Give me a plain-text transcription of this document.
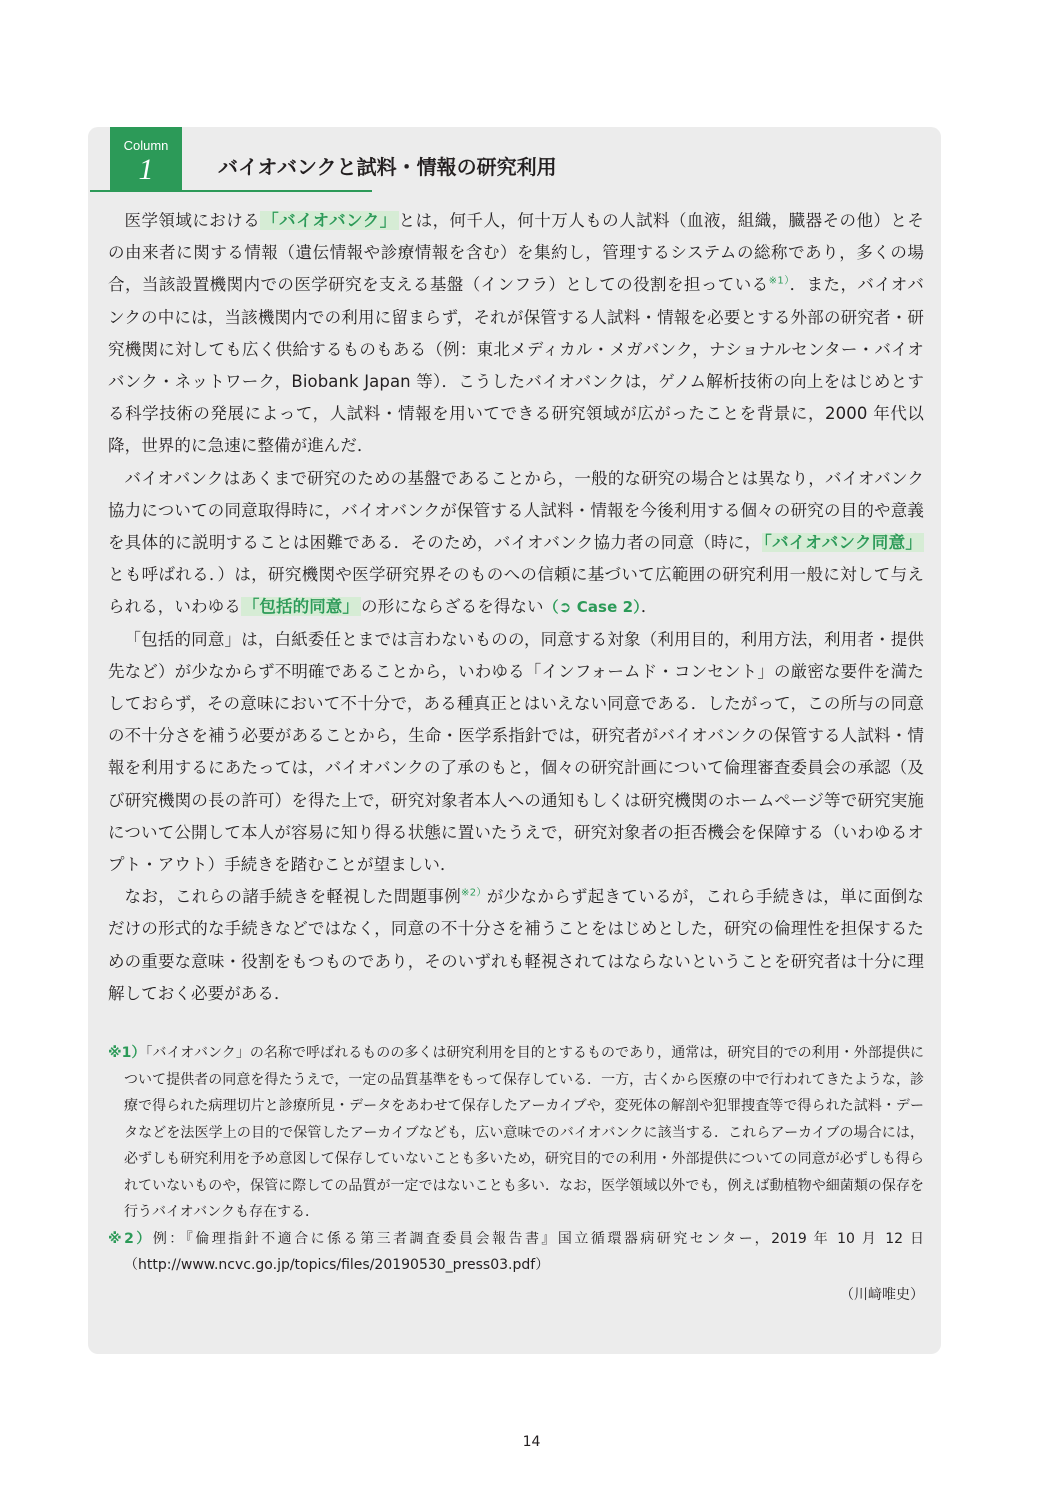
Column
1	バイオバンクと試料・情報の研究利用

医学領域における 「バイオバンク」 とは，何千人，何十万人もの人試料（血液，組織，臓器その他）とその由来者に関する情報（遺伝情報や診療情報を含む）を集約し，管理するシステムの総称であり，多くの場合，当該設置機関内での医学研究を支える基盤（インフラ）としての役割を担っている$^{※1)}$．また，バイオバンクの中には，当該機関内での利用に留まらず，それが保管する人試料・情報を必要とする外部の研究者・研究機関に対しても広く供給するものもある（例：東北メディカル・メガバンク，ナショナルセンター・バイオバンク・ネットワーク，Biobank Japan 等）．こうしたバイオバンクは，ゲノム解析技術の向上をはじめとする科学技術の発展によって，人試料・情報を用いてできる研究領域が広がったことを背景に，2000 年代以降，世界的に急速に整備が進んだ．

バイオバンクはあくまで研究のための基盤であることから，一般的な研究の場合とは異なり，バイオバンク協力についての同意取得時に，バイオバンクが保管する人試料・情報を今後利用する個々の研究の目的や意義を具体的に説明することは困難である．そのため，バイオバンク協力者の同意（時に， 「バイオバンク同意」とも呼ばれる．）は，研究機関や医学研究界そのものへの信頼に基づいて広範囲の研究利用一般に対して与えられる，いわゆる 「包括的同意」 の形にならざるを得ない（➲ Case 2）．

「包括的同意」は，白紙委任とまでは言わないものの，同意する対象（利用目的，利用方法，利用者・提供先など）が少なからず不明確であることから，いわゆる「インフォームド・コンセント」の厳密な要件を満たしておらず，その意味において不十分で，ある種真正とはいえない同意である．したがって，この所与の同意の不十分さを補う必要があることから，生命・医学系指針では，研究者がバイオバンクの保管する人試料・情報を利用するにあたっては，バイオバンクの了承のもと，個々の研究計画について倫理審査委員会の承認（及び研究機関の長の許可）を得た上で，研究対象者本人への通知もしくは研究機関のホームページ等で研究実施について公開して本人が容易に知り得る状態に置いたうえで，研究対象者の拒否機会を保障する（いわゆるオプト・アウト）手続きを踏むことが望ましい．

なお，これらの諸手続きを軽視した問題事例$^{※2)}$が少なからず起きているが，これら手続きは，単に面倒なだけの形式的な手続きなどではなく，同意の不十分さを補うことをはじめとした，研究の倫理性を担保するための重要な意味・役割をもつものであり，そのいずれも軽視されてはならないということを研究者は十分に理解しておく必要がある．

※1）「バイオバンク」の名称で呼ばれるものの多くは研究利用を目的とするものであり，通常は，研究目的での利用・外部提供について提供者の同意を得たうえで，一定の品質基準をもって保存している．一方，古くから医療の中で行われてきたような，診療で得られた病理切片と診療所見・データをあわせて保存したアーカイブや，変死体の解剖や犯罪捜査等で得られた試料・データなどを法医学上の目的で保管したアーカイブなども，広い意味でのバイオバンクに該当する．これらアーカイブの場合には，必ずしも研究利用を予め意図して保存していないことも多いため，研究目的での利用・外部提供についての同意が必ずしも得られていないものや，保管に際しての品質が一定ではないことも多い．なお，医学領域以外でも，例えば動植物や細菌類の保存を行うバイオバンクも存在する．
※2）例：『倫理指針不適合に係る第三者調査委員会報告書』国立循環器病研究センター，2019 年 10 月 12 日（http://www.ncvc.go.jp/topics/files/20190530_press03.pdf）
（川﨑唯史）
14
